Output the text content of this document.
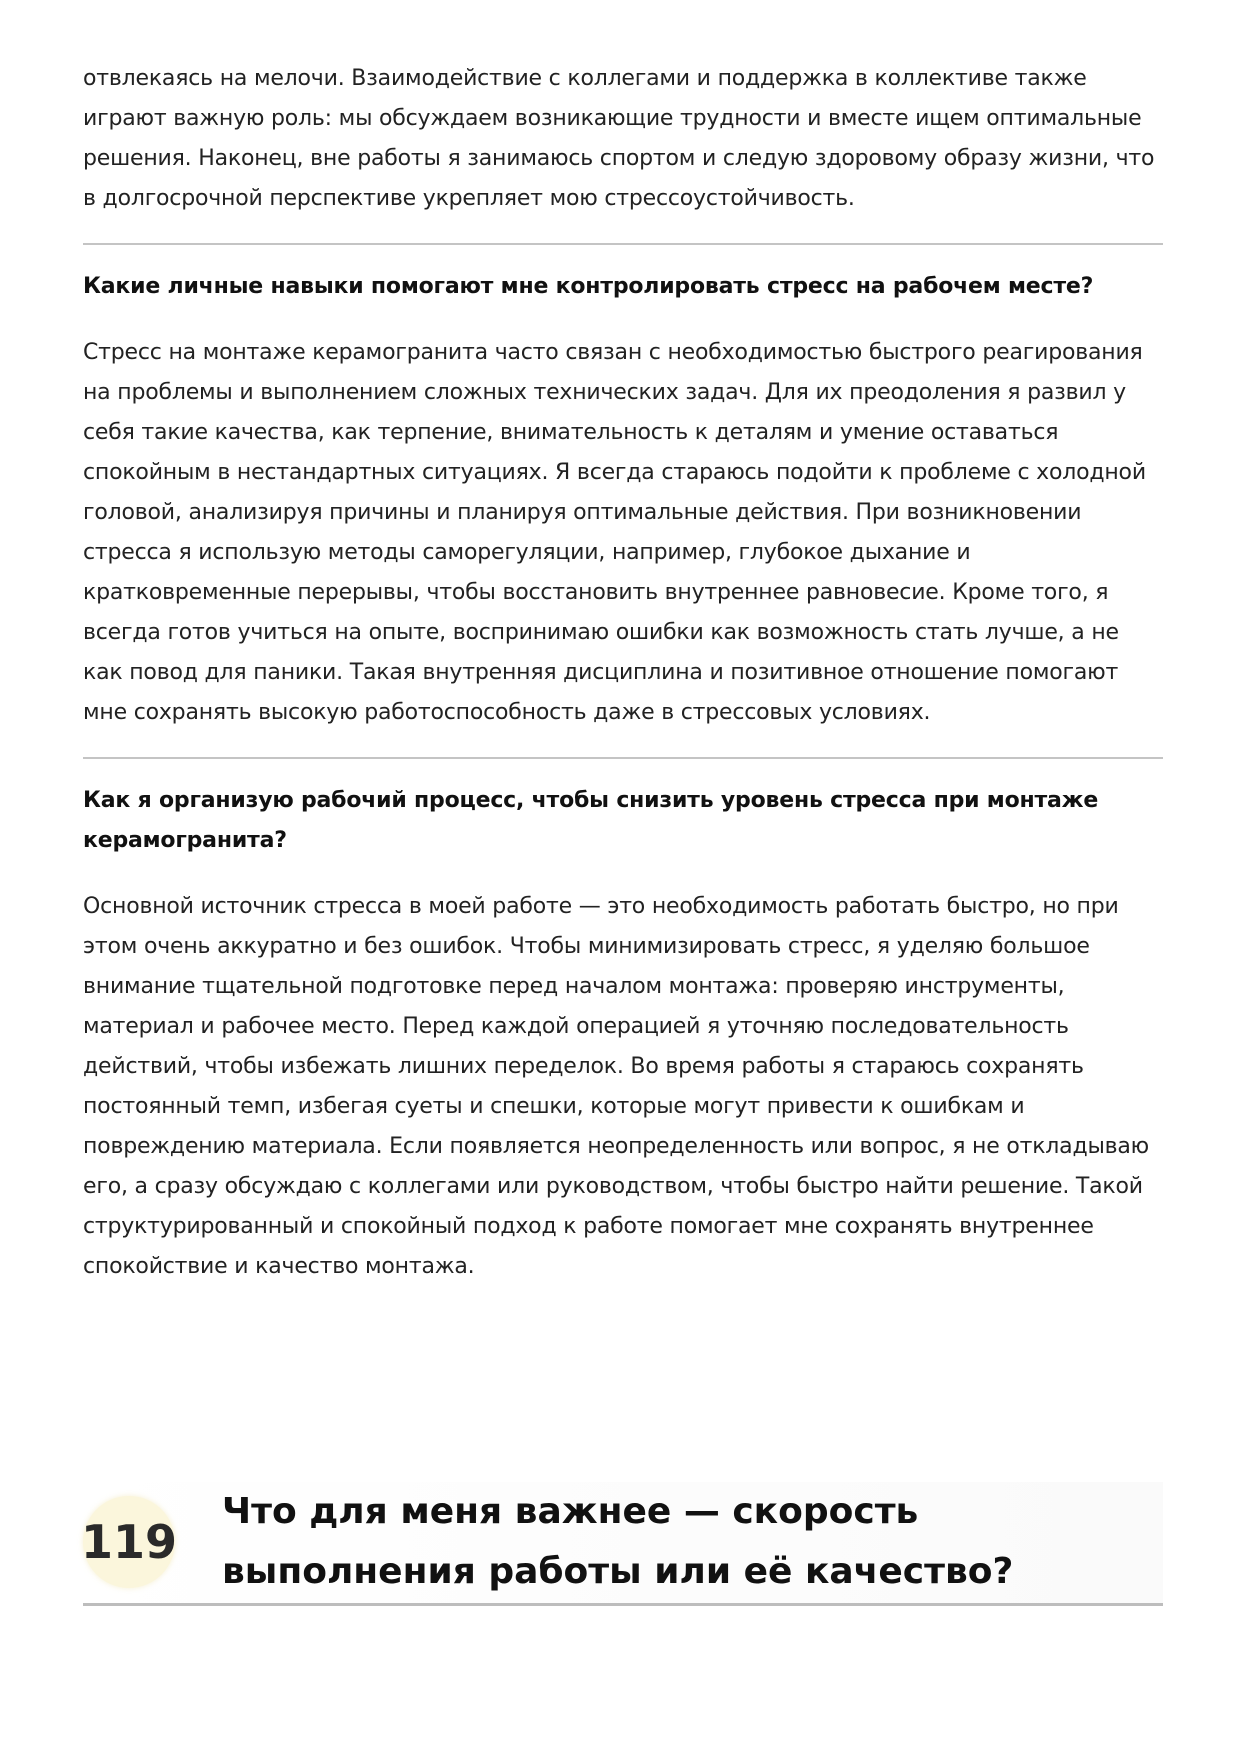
отвлекаясь на мелочи. Взаимодействие с коллегами и поддержка в коллективе также играют важную роль: мы обсуждаем возникающие трудности и вместе ищем оптимальные решения. Наконец, вне работы я занимаюсь спортом и следую здоровому образу жизни, что в долгосрочной перспективе укрепляет мою стрессоустойчивость.

Какие личные навыки помогают мне контролировать стресс на рабочем месте?

Стресс на монтаже керамогранита часто связан с необходимостью быстрого реагирования на проблемы и выполнением сложных технических задач. Для их преодоления я развил у себя такие качества, как терпение, внимательность к деталям и умение оставаться спокойным в нестандартных ситуациях. Я всегда стараюсь подойти к проблеме с холодной головой, анализируя причины и планируя оптимальные действия. При возникновении стресса я использую методы саморегуляции, например, глубокое дыхание и кратковременные перерывы, чтобы восстановить внутреннее равновесие. Кроме того, я всегда готов учиться на опыте, воспринимаю ошибки как возможность стать лучше, а не как повод для паники. Такая внутренняя дисциплина и позитивное отношение помогают мне сохранять высокую работоспособность даже в стрессовых условиях.

Как я организую рабочий процесс, чтобы снизить уровень стресса при монтаже керамогранита?

Основной источник стресса в моей работе — это необходимость работать быстро, но при этом очень аккуратно и без ошибок. Чтобы минимизировать стресс, я уделяю большое внимание тщательной подготовке перед началом монтажа: проверяю инструменты, материал и рабочее место. Перед каждой операцией я уточняю последовательность действий, чтобы избежать лишних переделок. Во время работы я стараюсь сохранять постоянный темп, избегая суеты и спешки, которые могут привести к ошибкам и повреждению материала. Если появляется неопределенность или вопрос, я не откладываю его, а сразу обсуждаю с коллегами или руководством, чтобы быстро найти решение. Такой структурированный и спокойный подход к работе помогает мне сохранять внутреннее спокойствие и качество монтажа.

119
Что для меня важнее — скорость выполнения работы или её качество?
